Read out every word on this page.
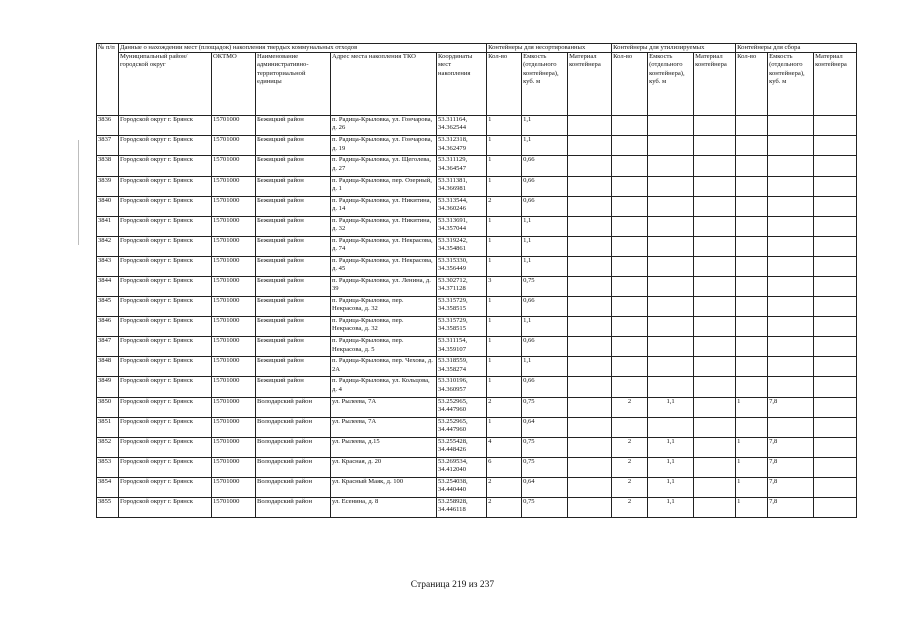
№ п/п	Данные о нахождении мест (площадок) накопления твердых коммунальных отходов					Контейнеры для несортированных			Контейнеры для утилизируемых			Контейнеры для сбора		
	Муниципальный район/городской округ	ОКТМО	Наименование административно-территориальной единицы	Адрес места накопления ТКО	Координаты мест накопления	Кол-во	Емкость (отдельного контейнера), куб. м	Материал контейнера	Кол-во	Емкость (отдельного контейнера), куб. м	Материал контейнера	Кол-во	Емкость (отдельного контейнера), куб. м	Материал контейнера
3836	Городской округ г. Брянск	15701000	Бежицкий район	п. Радица-Крыловка, ул. Гончарова, д. 26	53.311164, 34.362544	1	1,1							
3837	Городской округ г. Брянск	15701000	Бежицкий район	п. Радица-Крыловка, ул. Гончарова, д. 19	53.312318, 34.362479	1	1,1							
3838	Городской округ г. Брянск	15701000	Бежицкий район	п. Радица-Крыловка, ул. Щеголева, д. 27	53.311129, 34.364547	1	0,66							
3839	Городской округ г. Брянск	15701000	Бежицкий район	п. Радица-Крыловка, пер. Озерный, д. 1	53.311381, 34.366981	1	0,66							
3840	Городской округ г. Брянск	15701000	Бежицкий район	п. Радица-Крыловка, ул. Никитина, д. 14	53.313544, 34.360246	2	0,66							
3841	Городской округ г. Брянск	15701000	Бежицкий район	п. Радица-Крыловка, ул. Никитина, д. 32	53.313691, 34.357044	1	1,1							
3842	Городской округ г. Брянск	15701000	Бежицкий район	п. Радица-Крыловка, ул. Некрасова, д. 74	53.319242, 34.354861	1	1,1							
3843	Городской округ г. Брянск	15701000	Бежицкий район	п. Радица-Крыловка, ул. Некрасова, д. 45	53.315330, 34.356449	1	1,1							
3844	Городской округ г. Брянск	15701000	Бежицкий район	п. Радица-Крыловка, ул. Ленина, д. 39	53.302712, 34.371128	3	0,75							
3845	Городской округ г. Брянск	15701000	Бежицкий район	п. Радица-Крыловка, пер. Некрасова, д. 32	53.315729, 34.358515	1	0,66							
3846	Городской округ г. Брянск	15701000	Бежицкий район	п. Радица-Крыловка, пер. Некрасова, д. 32	53.315729, 34.358515	1	1,1							
3847	Городской округ г. Брянск	15701000	Бежицкий район	п. Радица-Крыловка, пер. Некрасова, д. 5	53.311154, 34.359107	1	0,66							
3848	Городской округ г. Брянск	15701000	Бежицкий район	п. Радица-Крыловка, пер. Чехова, д. 2А	53.318559, 34.358274	1	1,1							
3849	Городской округ г. Брянск	15701000	Бежицкий район	п. Радица-Крыловка, ул. Кольцова, д. 4	53.310196, 34.360957	1	0,66							
3850	Городской округ г. Брянск	15701000	Володарский район	ул. Рылеева, 7А	53.252965, 34.447960	2	0,75		2	1,1		1	7,8	
3851	Городской округ г. Брянск	15701000	Володарский район	ул. Рылеева, 7А	53.252965, 34.447960	1	0,64							
3852	Городской округ г. Брянск	15701000	Володарский район	ул. Рылеева, д.15	53.255428, 34.448426	4	0,75		2	1,1		1	7,8	
3853	Городской округ г. Брянск	15701000	Володарский район	ул. Красная, д. 20	53.269534, 34.412040	6	0,75		2	1,1		1	7,8	
3854	Городской округ г. Брянск	15701000	Володарский район	ул. Красный Маяк, д. 100	53.254038, 34.440440	2	0,64		2	1,1		1	7,8	
3855	Городской округ г. Брянск	15701000	Володарский район	ул. Есенина, д. 8	53.258928, 34.446118	2	0,75		2	1,1		1	7,8	
Страница 219 из 237
